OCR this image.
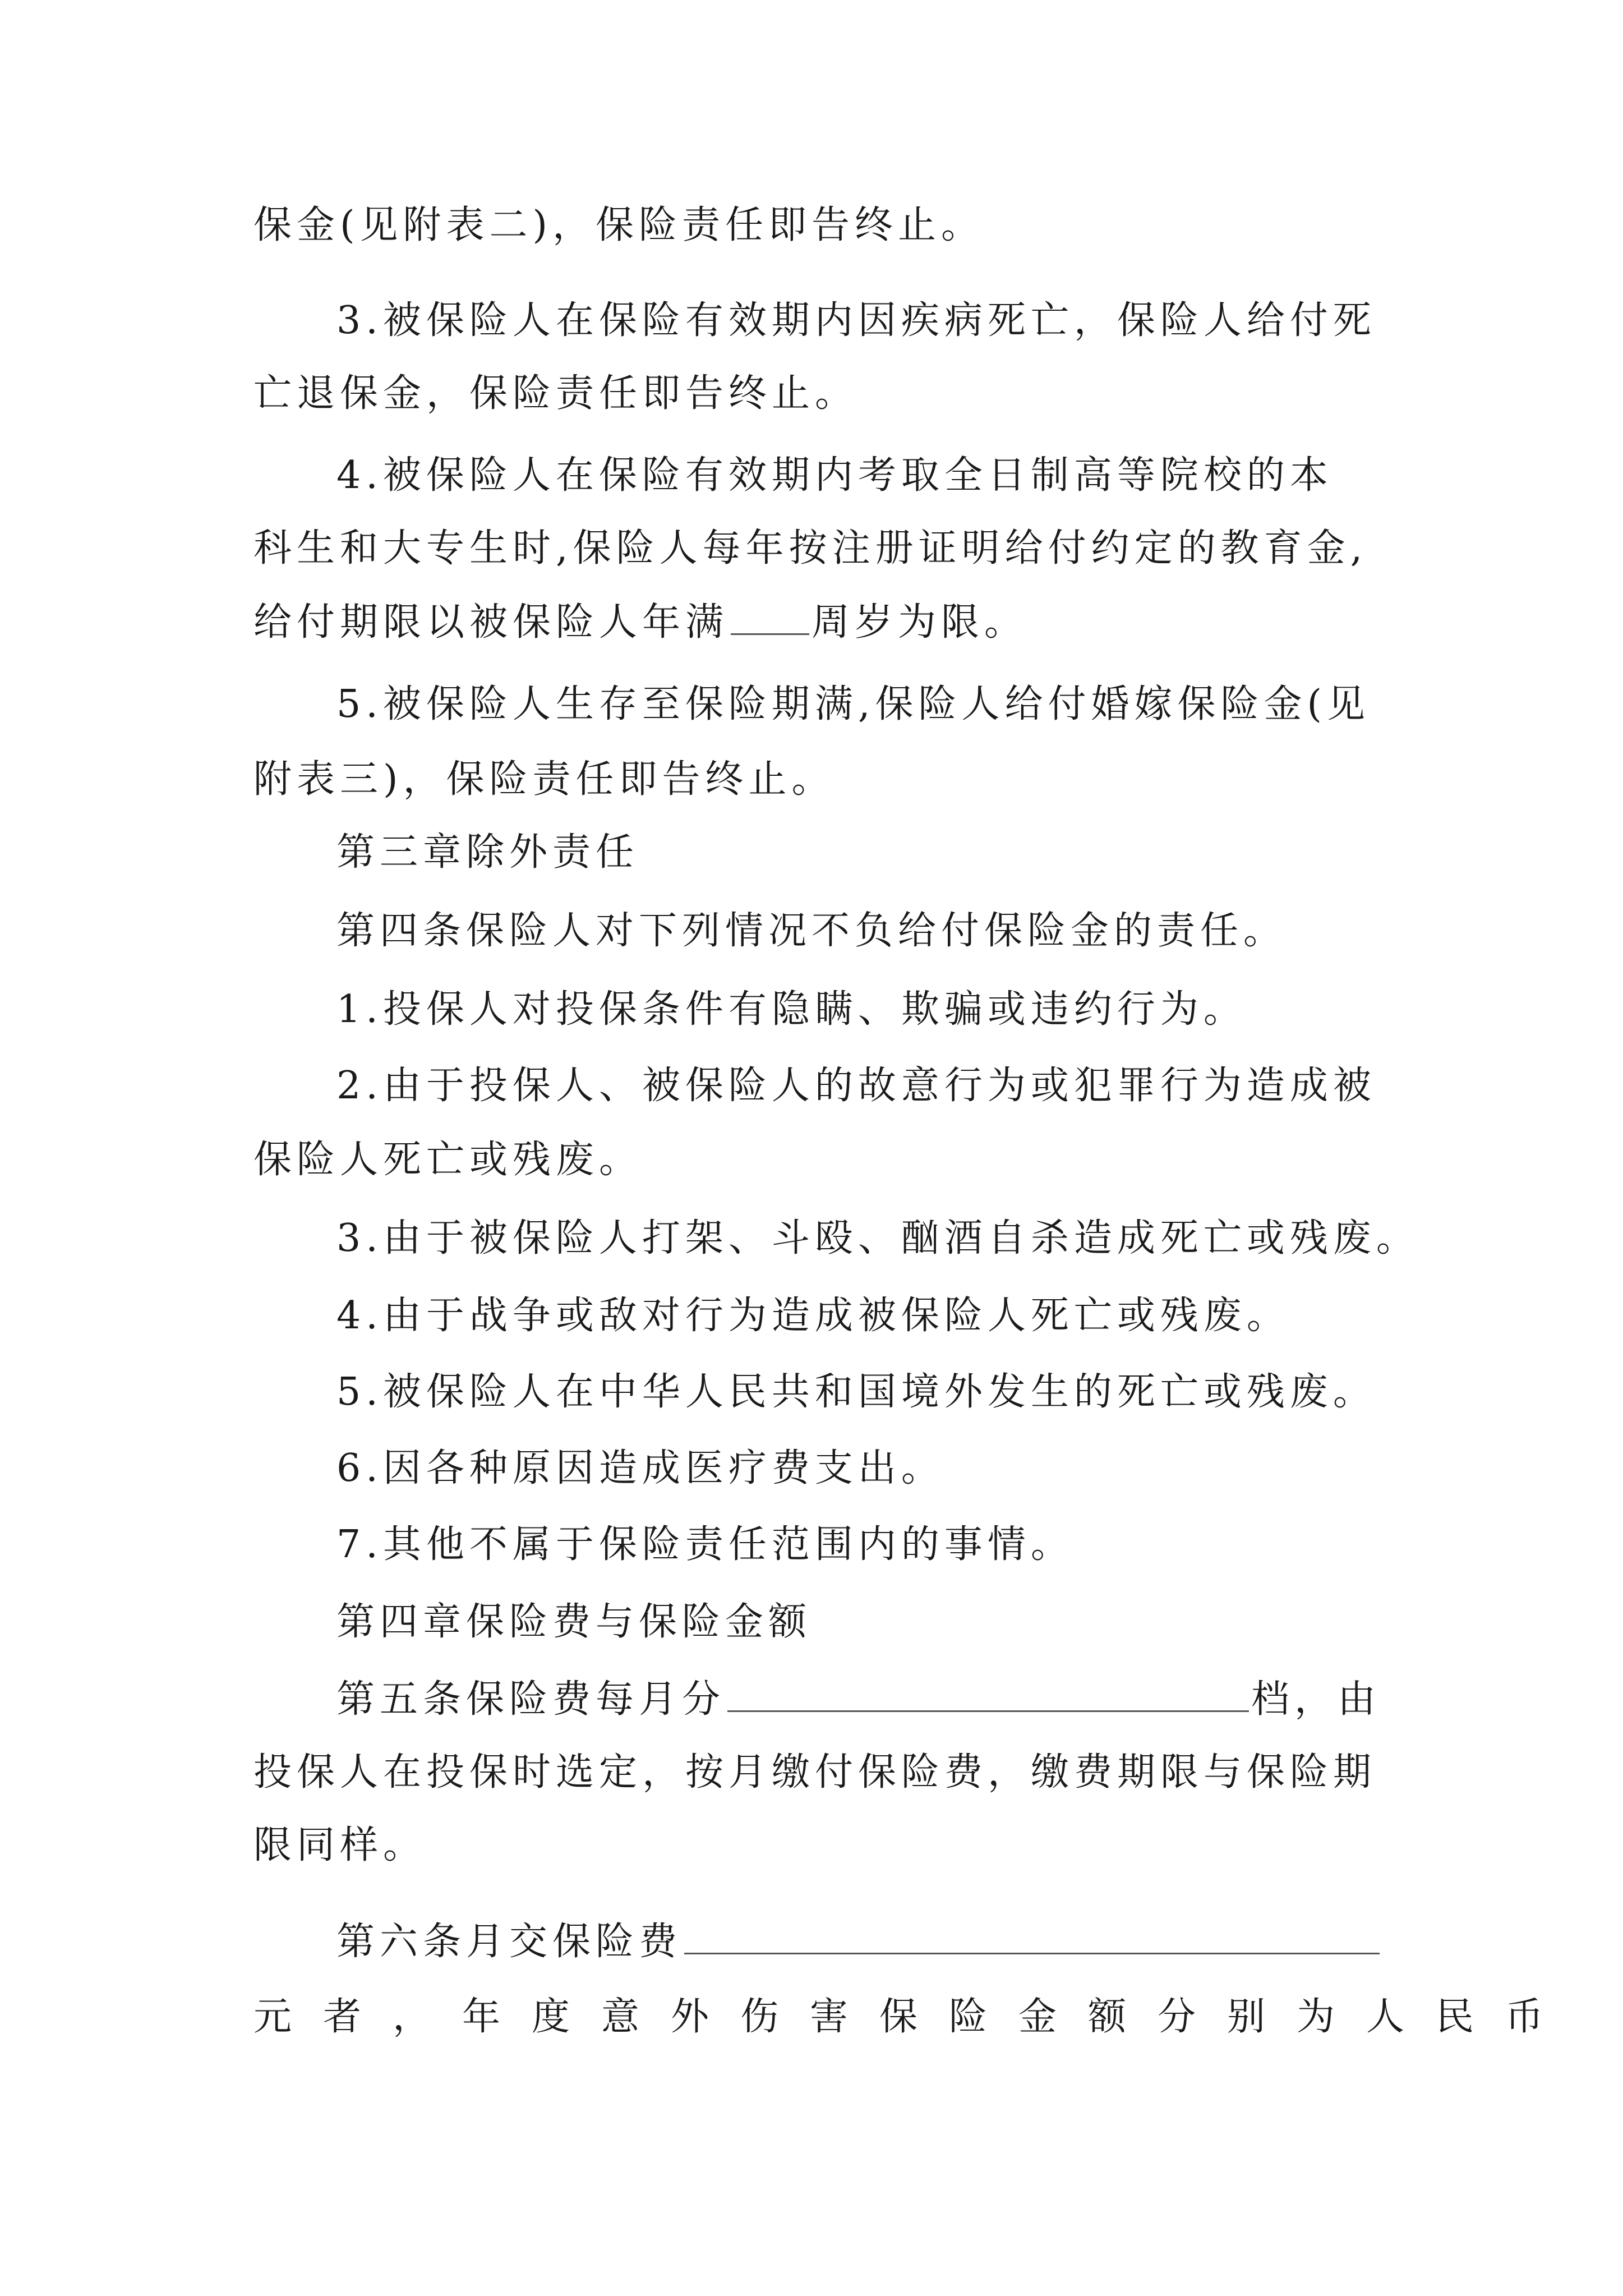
保金(见附表二)，保险责任即告终止。
3.被保险人在保险有效期内因疾病死亡，保险人给付死
亡退保金，保险责任即告终止。
4.被保险人在保险有效期内考取全日制高等院校的本
科生和大专生时,保险人每年按注册证明给付约定的教育金,
给付期限以被保险人年满 周岁为限。
5.被保险人生存至保险期满,保险人给付婚嫁保险金(见
附表三)，保险责任即告终止。
第三章除外责任
第四条保险人对下列情况不负给付保险金的责任。
1.投保人对投保条件有隐瞒、欺骗或违约行为。
2.由于投保人、被保险人的故意行为或犯罪行为造成被
保险人死亡或残废。
3.由于被保险人打架、斗殴、酗酒自杀造成死亡或残废。
4.由于战争或敌对行为造成被保险人死亡或残废。
5.被保险人在中华人民共和国境外发生的死亡或残废。
6.因各种原因造成医疗费支出。
7.其他不属于保险责任范围内的事情。
第四章保险费与保险金额
第五条保险费每月分	档，由
投保人在投保时选定，按月缴付保险费，缴费期限与保险期
限同样。
第六条月交保险费
元者，年度意外伤害保险金额分别为人民币
